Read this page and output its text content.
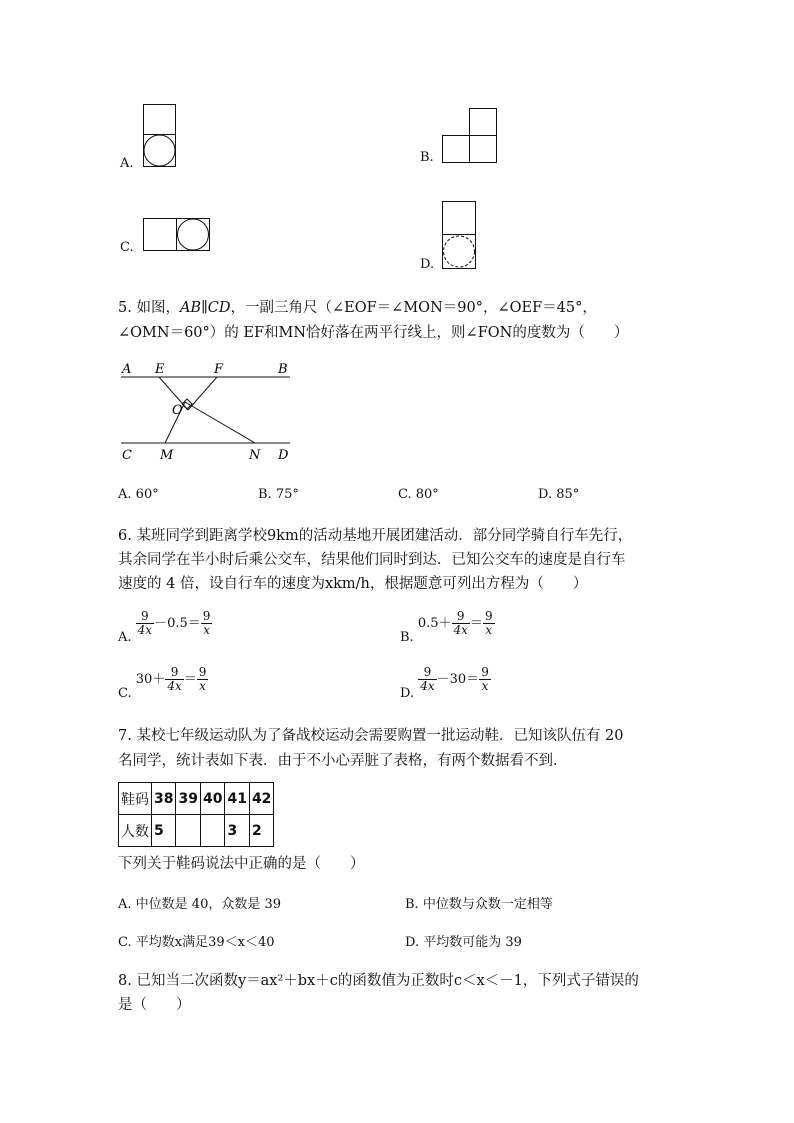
A.	B.
C.
D.
5. 如图，AB∥CD，一副三角尺（∠EOF＝∠MON＝90°，∠OEF＝45°，
∠OMN＝60°）的 EF和MN恰好落在两平行线上，则∠FON的度数为（　　）
A E	F	B
O
C M	N D
A. 60°	B. 75°	C. 80°	D. 85°
6. 某班同学到距离学校9km的活动基地开展团建活动．部分同学骑自行车先行，
其余同学在半小时后乘公交车，结果他们同时到达．已知公交车的速度是自行车
速度的 4 倍，设自行车的速度为xkm/h，根据题意可列出方程为（　　）
A.
$\frac{9}{4x} -0.5= \frac{9}{x}$
B. $0.5+ \frac{9}{4x} = \frac{9}{x}$
C. $30+ \frac{9}{4x} = \frac{9}{x}$
D.
$\frac{9}{4x} -30= \frac{9}{x}$
7. 某校七年级运动队为了备战校运动会需要购置一批运动鞋．已知该队伍有 20
名同学，统计表如下表．由于不小心弄脏了表格，有两个数据看不到．
鞋码	38	39	40	41	42
人数	5			3	2
下列关于鞋码说法中正确的是（　　）
A. 中位数是 40，众数是 39	B. 中位数与众数一定相等
C. 平均数x满足39＜x＜40	D. 平均数可能为 39
8. 已知当二次函数y＝ax²＋bx＋c的函数值为正数时c＜x＜－1，下列式子错误的
是（　　）
